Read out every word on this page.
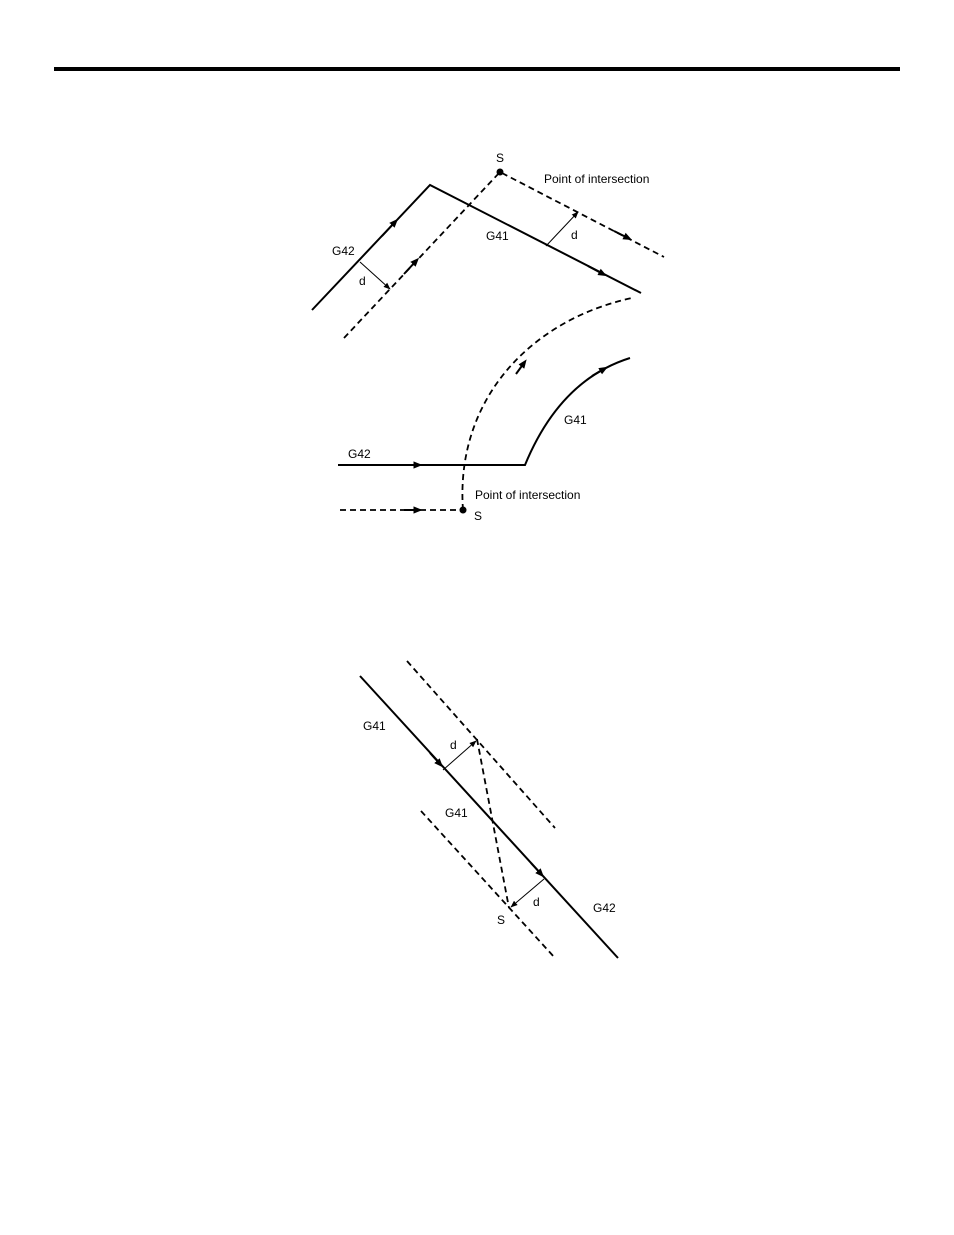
S
Point of intersection
G42
G41
d
d
G42
G41
Point of intersection
S
G41
d
G41
S
d	G42
